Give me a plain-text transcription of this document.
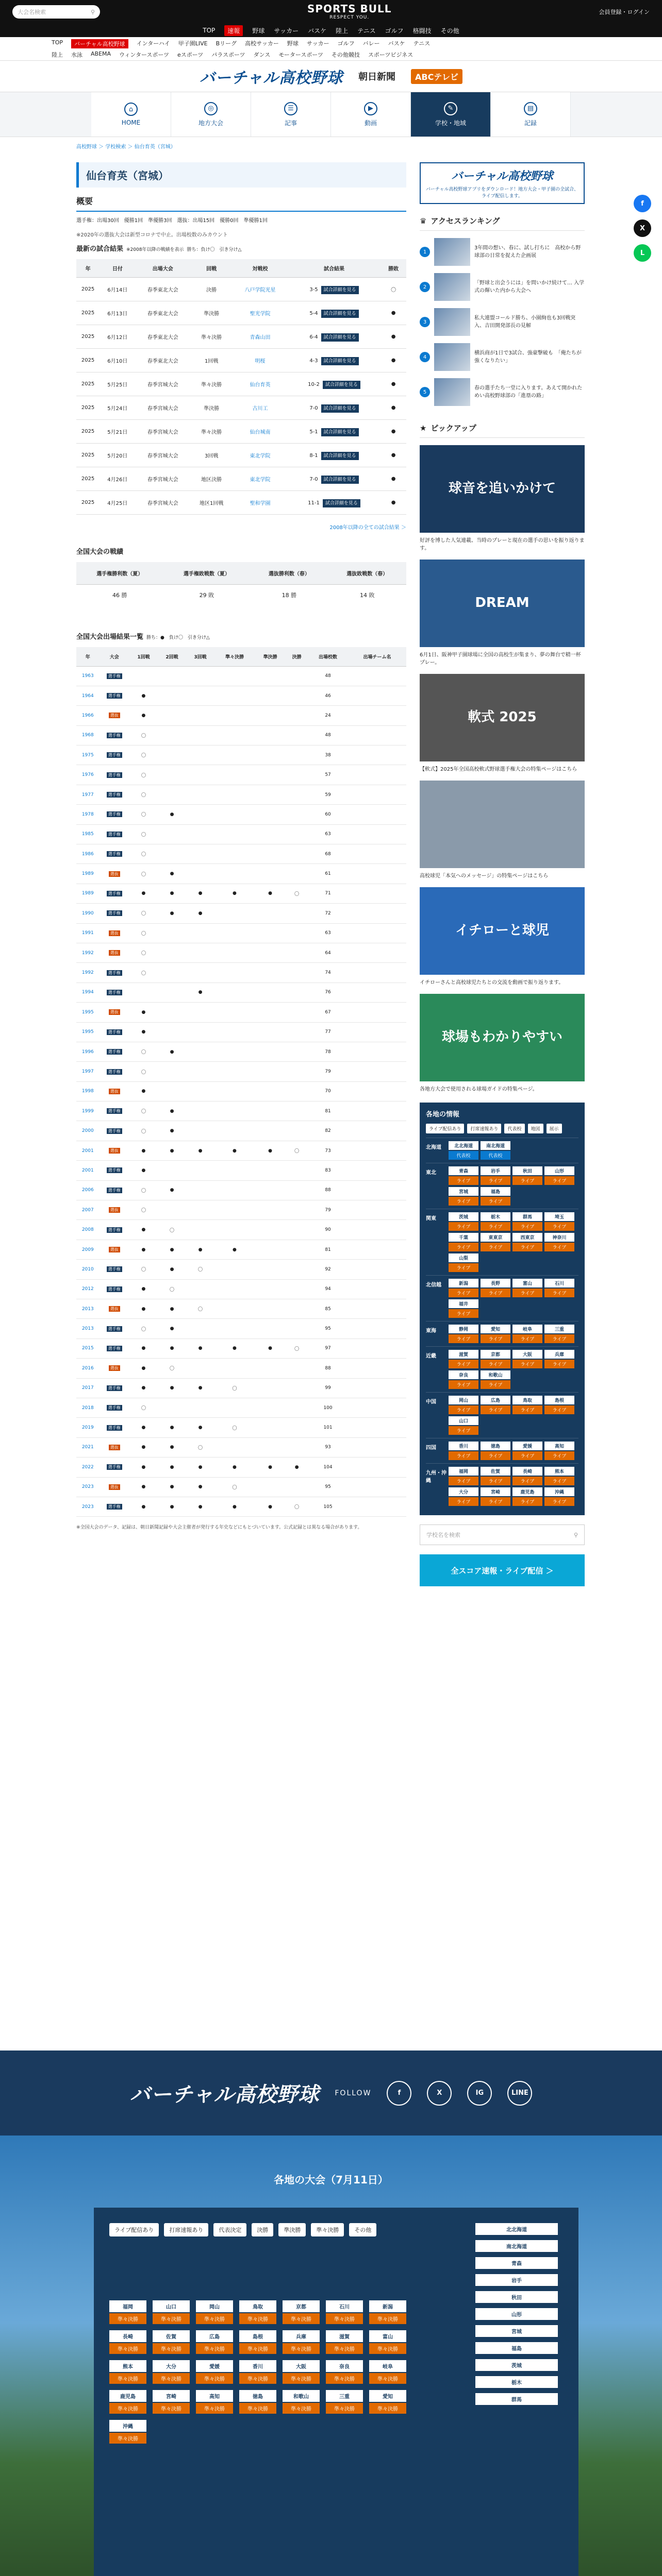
大会名検索	⚲	SPORTS BULL
RESPECT YOU.
会員登録・ログイン
TOP	速報	野球 サッカー バスケ 陸上 テニス ゴルフ 格闘技 その他
TOP	バーチャル高校野球	インターハイ 甲子園LIVE Bリーグ 高校サッカー 野球 サッカー ゴルフ バレー バスケ テニス
陸上 水泳 ABEMA ウィンタースポーツ eスポーツ パラスポーツ ダンス モータースポーツ その他競技 スポーツビジネス
バーチャル高校野球 朝日新聞	ABCテレビ
⌂
HOME
◎
地方大会
☰
記事
▶
動画
✎
学校・地域
▤
記録
高校野球 ＞ 学校検索 ＞ 仙台育英（宮城）
f
X
L
仙台育英（宮城）
概要
選手権：出場30回　優勝1回　準優勝3回　選抜：出場15回　優勝0回　準優勝1回
※2020年の選抜大会は新型コロナで中止。出場校数のみカウント
最新の試合結果 ※2008年以降の戦績を表示 勝ち：負け〇　引き分け△
年	日付	出場大会	回戦	対戦校	試合結果	勝敗
2025	6月14日	春季東北大会	決勝	八戸学院光星	3-5 試合詳細を見る	〇
2025	6月13日	春季東北大会	準決勝	聖光学院	5-4 試合詳細を見る	●
2025	6月12日	春季東北大会	準々決勝	青森山田	6-4 試合詳細を見る	●
2025	6月10日	春季東北大会	1回戦	明桜	4-3 試合詳細を見る	●
2025	5月25日	春季宮城大会	準々決勝	仙台育英	10-2 試合詳細を見る	●
2025	5月24日	春季宮城大会	準決勝	古川工	7-0 試合詳細を見る	●
2025	5月21日	春季宮城大会	準々決勝	仙台城南	5-1 試合詳細を見る	●
2025	5月20日	春季宮城大会	3回戦	東北学院	8-1 試合詳細を見る	●
2025	4月26日	春季宮城大会	地区決勝	東北学院	7-0 試合詳細を見る	●
2025	4月25日	春季宮城大会	地区1回戦	聖和学園	11-1 試合詳細を見る	●
2008年以降の全ての試合結果 ＞
全国大会の戦績
選手権勝利数（夏）	選手権敗戦数（夏）	選抜勝利数（春）	選抜敗戦数（春）
46 勝	29 敗	18 勝	14 敗
全国大会出場結果一覧 勝ち：●　負け〇　引き分け△
年	大会	1回戦	2回戦	3回戦	準々決勝	準決勝	決勝	出場校数	出場チーム名
1963	選手権							48	
1964	選手権	●						46	
1966	選抜	●						24	
1968	選手権	〇						48	
1975	選手権	〇						38	
1976	選手権	〇						57	
1977	選手権	〇						59	
1978	選手権	〇	●					60	
1985	選手権	〇						63	
1986	選手権	〇						68	
1989	選抜	〇	●					61	
1989	選手権	●	●	●	●	●	〇	71	
1990	選手権	〇	●	●				72	
1991	選抜	〇						63	
1992	選抜	〇						64	
1992	選手権	〇						74	
1994	選手権			●				76	
1995	選抜	●						67	
1995	選手権	●						77	
1996	選手権	〇	●					78	
1997	選手権	〇						79	
1998	選抜	●						70	
1999	選手権	〇	●					81	
2000	選手権	〇	●					82	
2001	選抜	●	●	●	●	●	〇	73	
2001	選手権	●						83	
2006	選手権	〇	●					88	
2007	選抜	〇						79	
2008	選手権	●	〇					90	
2009	選抜	●	●	●	●			81	
2010	選手権	〇	●	〇				92	
2012	選手権	●	〇					94	
2013	選抜	●	●	〇				85	
2013	選手権	〇	●					95	
2015	選手権	●	●	●	●	●	〇	97	
2016	選抜	●	〇					88	
2017	選手権	●	●	●	〇			99	
2018	選手権	〇						100	
2019	選手権	●	●	●	〇			101	
2021	選抜	●	●	〇				93	
2022	選手権	●	●	●	●	●	●	104	
2023	選抜	●	●	●	〇			95	
2023	選手権	●	●	●	●	●	〇	105	
※全国大会のデータ、記録は、朝日新聞記録や大会主催者が発行する年史などにもとづいています。公式記録とは異なる場合があります。
バーチャル高校野球
バーチャル高校野球アプリをダウンロード！地方大会・甲子園の全試合、ライブ配信します。
♛ アクセスランキング
1
3年間の想い、春に、試し打ちに　高校から野球部の日常を捉えた企画展
2
「野球と出会うには」を問いかけ続けて… 入学式の輝いた内から大会へ
3
私大連盟コールド勝ち、小園絢也も3回戦突入、吉田開発部長の見解
4
横浜商が1日で3試合、強豪撃破も　「俺たちが強くなりたい」
5
春の選手たち一堂に入ります。あえて開かれた　めい高校野球部の「進塁の路」
★ ピックアップ
球音を追いかけて
好評を博した人気連載、当時のプレーと現在の選手の思いを振り返ります。
DREAM
6月1日、阪神甲子園球場に全国の高校生が集まり、夢の舞台で精一杯プレー。
軟式 2025
【軟式】2025年全国高校軟式野球選手権大会の特集ページはこちら
高校球児「本気へのメッセージ」の特集ページはこちら
イチローと球児
イチローさんと高校球児たちとの交流を動画で振り返ります。
球場もわかりやすい
各地方大会で使用される球場ガイドの特集ページ。
各地の情報
ライブ配信あり	打席速報あり	代表校	地図	展示
北海道	北北海道
代表校
南北海道
代表校
東北	青森
ライブ
岩手
ライブ
秋田
ライブ
山形
ライブ
宮城
ライブ
福島
ライブ
関東	茨城
ライブ
栃木
ライブ
群馬
ライブ
埼玉
ライブ
千葉
ライブ
東東京
ライブ
西東京
ライブ
神奈川
ライブ
山梨
ライブ
北信越	新潟
ライブ
長野
ライブ
富山
ライブ
石川
ライブ
福井
ライブ
東海	静岡
ライブ
愛知
ライブ
岐阜
ライブ
三重
ライブ
近畿	滋賀
ライブ
京都
ライブ
大阪
ライブ
兵庫
ライブ
奈良
ライブ
和歌山
ライブ
中国	岡山
ライブ
広島
ライブ
鳥取
ライブ
島根
ライブ
山口
ライブ
四国	香川
ライブ
徳島
ライブ
愛媛
ライブ
高知
ライブ
九州・沖縄
福岡
ライブ
佐賀
ライブ
長崎
ライブ
熊本
ライブ
大分
ライブ
宮崎
ライブ
鹿児島
ライブ
沖縄
ライブ
学校名を検索	⚲
全スコア速報・ライブ配信 ＞
バーチャル高校野球 FOLLOW	f	X	IG	LINE
各地の大会（7月11日）
ライブ配信あり	打席速報あり	代表決定	決勝	準決勝	準々決勝	その他
福岡
準々決勝
山口
準々決勝
岡山
準々決勝
鳥取
準々決勝
京都
準々決勝
石川
準々決勝
新潟
準々決勝
長崎
準々決勝
佐賀
準々決勝
広島
準々決勝
島根
準々決勝
兵庫
準々決勝
滋賀
準々決勝
富山
準々決勝
熊本
準々決勝
大分
準々決勝
愛媛
準々決勝
香川
準々決勝
大阪
準々決勝
奈良
準々決勝
岐阜
準々決勝
鹿児島
準々決勝
宮崎
準々決勝
高知
準々決勝
徳島
準々決勝
和歌山
準々決勝
三重
準々決勝
愛知
準々決勝
沖縄
準々決勝
北北海道
南北海道
青森
岩手
秋田
山形
宮城
福島
茨城
栃木
群馬
